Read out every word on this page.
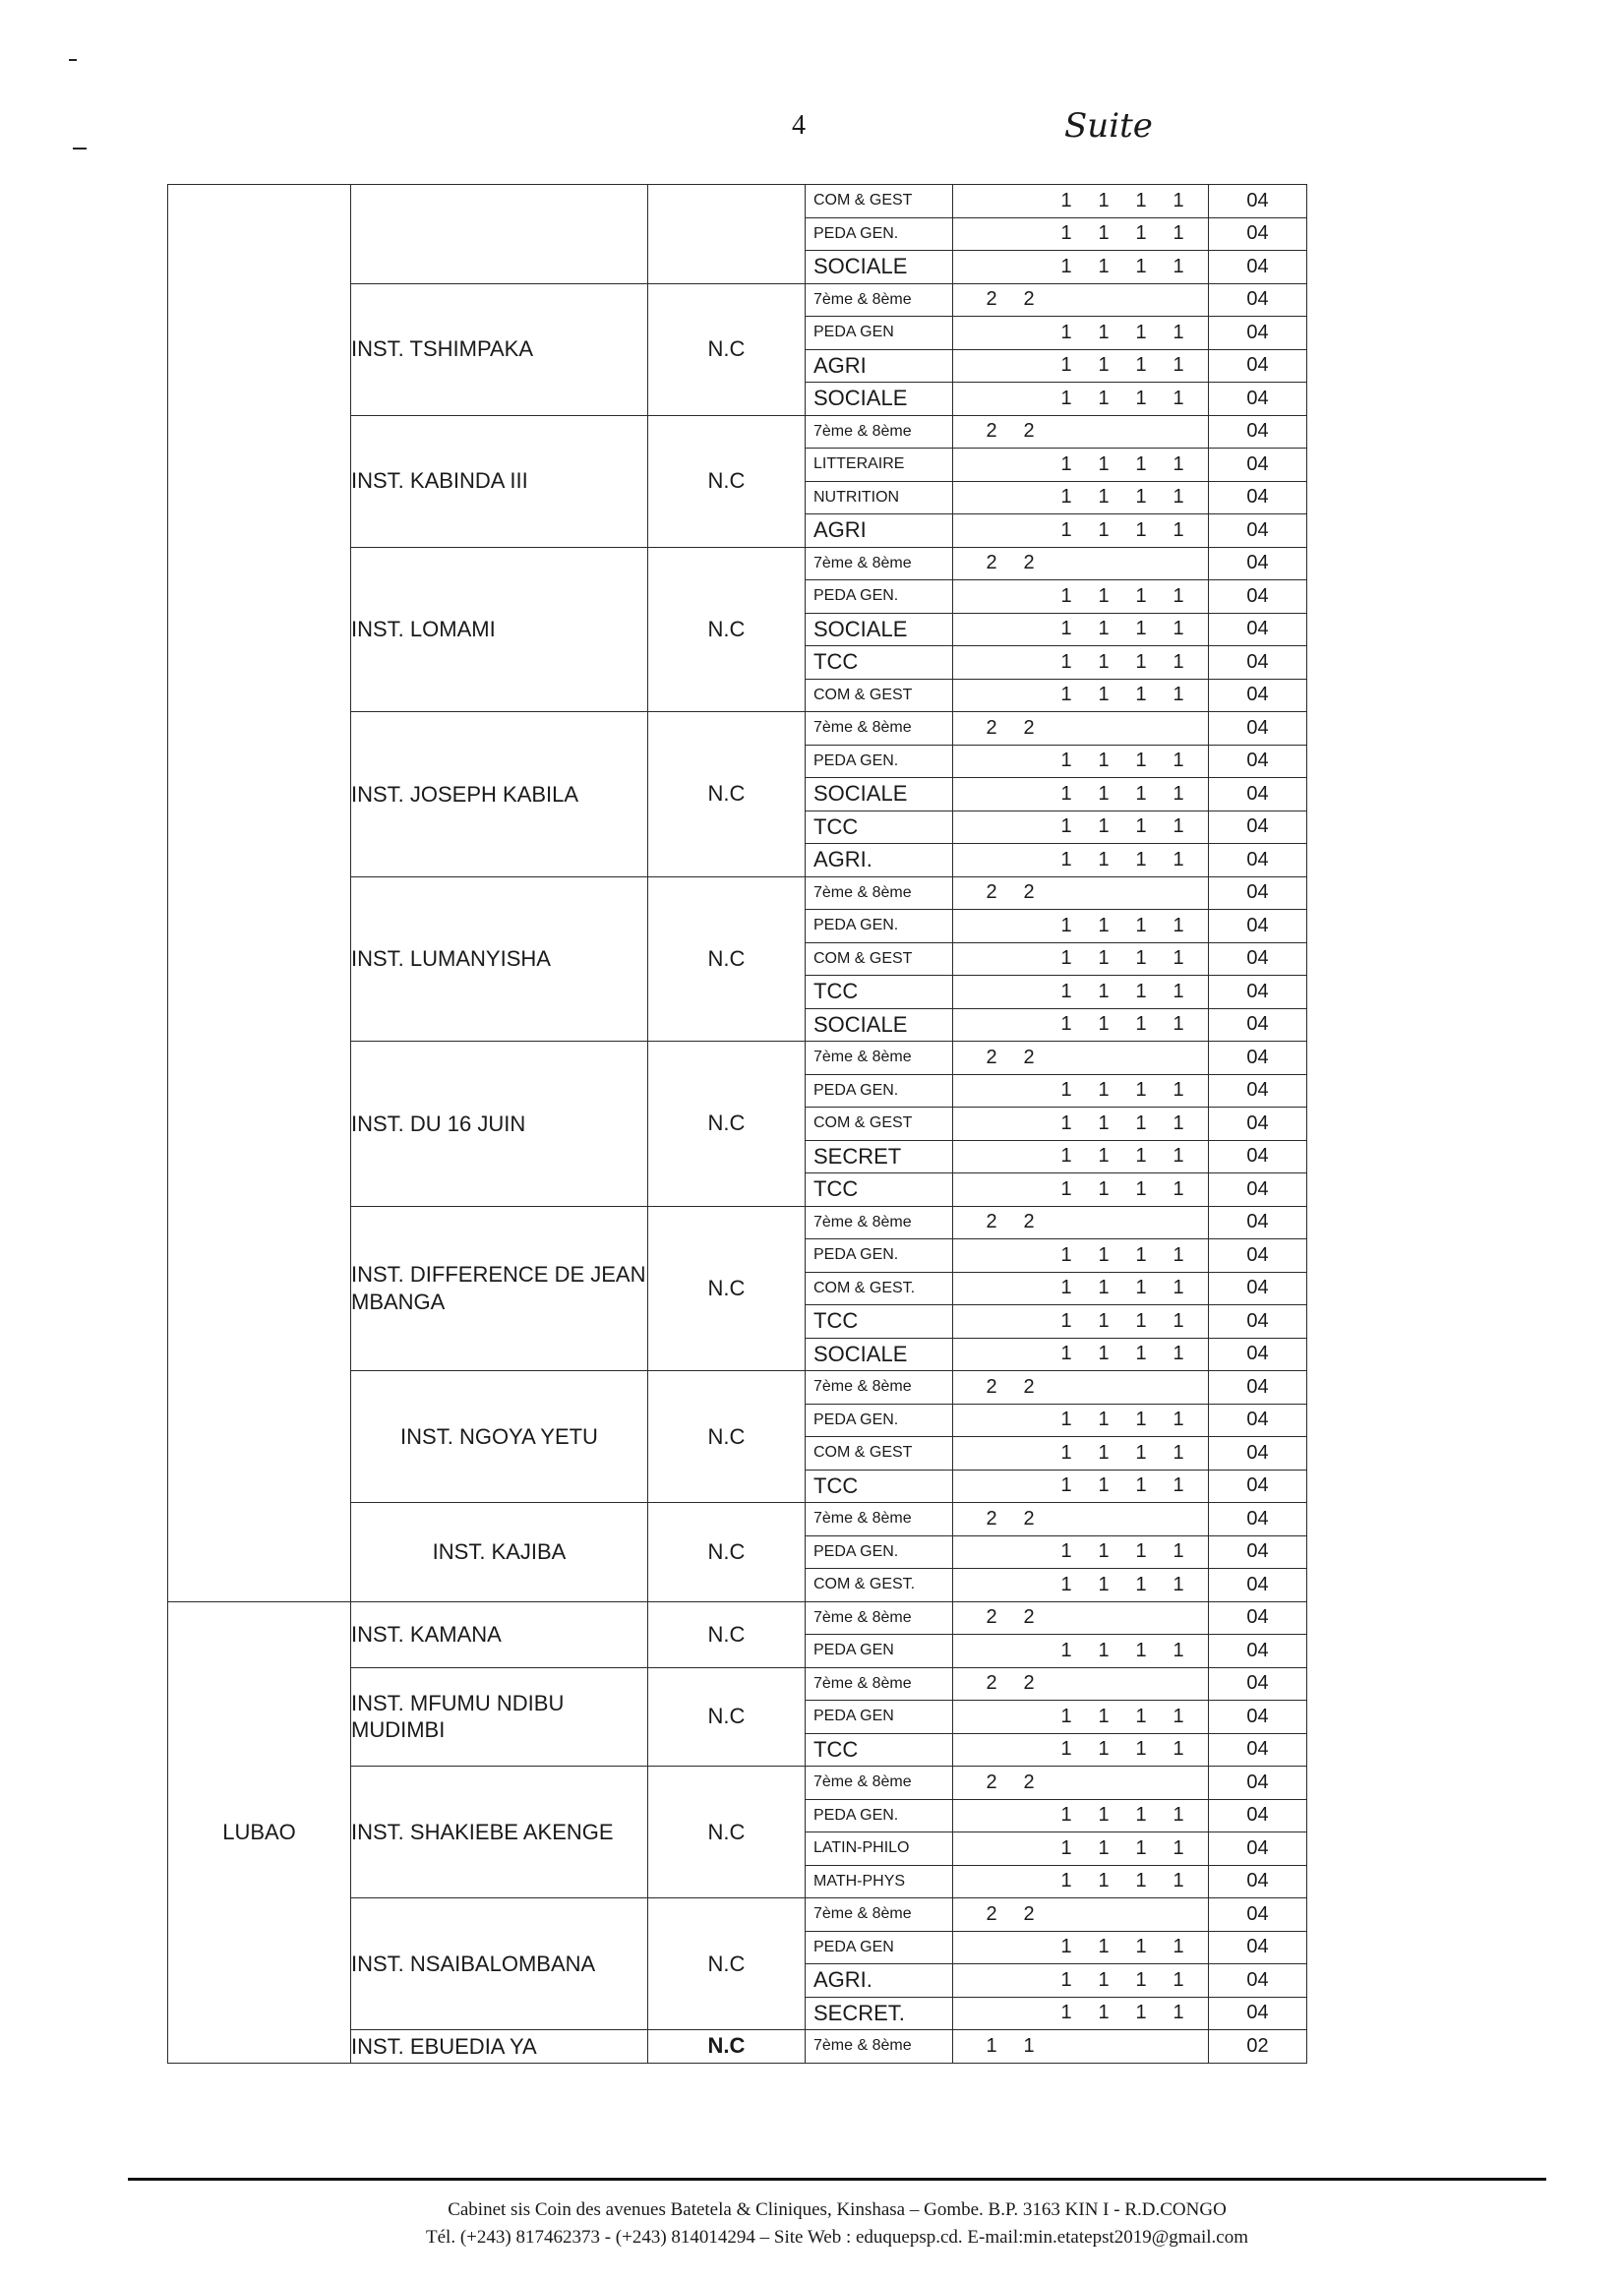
4	Suite

			COM & GEST	1 1 1 1	04

			PEDA GEN.	1 1 1 1	04

			SOCIALE	1 1 1 1	04
	INST. TSHIMPAKA	N.C	7ème & 8ème	2 2	04

			PEDA GEN	1 1 1 1	04

			AGRI	1 1 1 1	04

			SOCIALE	1 1 1 1	04
	INST. KABINDA III	N.C	7ème & 8ème	2 2	04

			LITTERAIRE	1 1 1 1	04

			NUTRITION	1 1 1 1	04

			AGRI	1 1 1 1	04
	INST. LOMAMI	N.C	7ème & 8ème	2 2	04

			PEDA GEN.	1 1 1 1	04

			SOCIALE	1 1 1 1	04

			TCC	1 1 1 1	04

			COM & GEST	1 1 1 1	04
	INST. JOSEPH KABILA	N.C	7ème & 8ème	2 2	04

			PEDA GEN.	1 1 1 1	04

			SOCIALE	1 1 1 1	04

			TCC	1 1 1 1	04

			AGRI.	1 1 1 1	04
	INST. LUMANYISHA	N.C	7ème & 8ème	2 2	04

			PEDA GEN.	1 1 1 1	04

			COM & GEST	1 1 1 1	04

			TCC	1 1 1 1	04

			SOCIALE	1 1 1 1	04
	INST. DU 16 JUIN	N.C	7ème & 8ème	2 2	04

			PEDA GEN.	1 1 1 1	04

			COM & GEST	1 1 1 1	04

			SECRET	1 1 1 1	04

			TCC	1 1 1 1	04
	INST. DIFFERENCE DE JEAN MBANGA	N.C	7ème & 8ème	2 2	04

			PEDA GEN.	1 1 1 1	04

			COM & GEST.	1 1 1 1	04

			TCC	1 1 1 1	04

			SOCIALE	1 1 1 1	04
	INST. NGOYA YETU	N.C	7ème & 8ème	2 2	04

			PEDA GEN.	1 1 1 1	04

			COM & GEST	1 1 1 1	04

			TCC	1 1 1 1	04
	INST. KAJIBA	N.C	7ème & 8ème	2 2	04

			PEDA GEN.	1 1 1 1	04

			COM & GEST.	1 1 1 1	04
LUBAO	INST. KAMANA	N.C	7ème & 8ème	2 2	04

			PEDA GEN	1 1 1 1	04
	INST. MFUMU NDIBU MUDIMBI	N.C	7ème & 8ème	2 2	04

			PEDA GEN	1 1 1 1	04

			TCC	1 1 1 1	04
	INST. SHAKIEBE AKENGE	N.C	7ème & 8ème	2 2	04

			PEDA GEN.	1 1 1 1	04

			LATIN-PHILO	1 1 1 1	04

			MATH-PHYS	1 1 1 1	04
	INST. NSAIBALOMBANA	N.C	7ème & 8ème	2 2	04

			PEDA GEN	1 1 1 1	04

			AGRI.	1 1 1 1	04

			SECRET.	1 1 1 1	04
	INST. EBUEDIA YA	N.C	7ème & 8ème	1 1	02
Cabinet sis Coin des avenues Batetela & Cliniques, Kinshasa – Gombe. B.P. 3163 KIN I - R.D.CONGO
Tél. (+243) 817462373 - (+243) 814014294 – Site Web : eduquepsp.cd. E-mail:min.etatepst2019@gmail.com
